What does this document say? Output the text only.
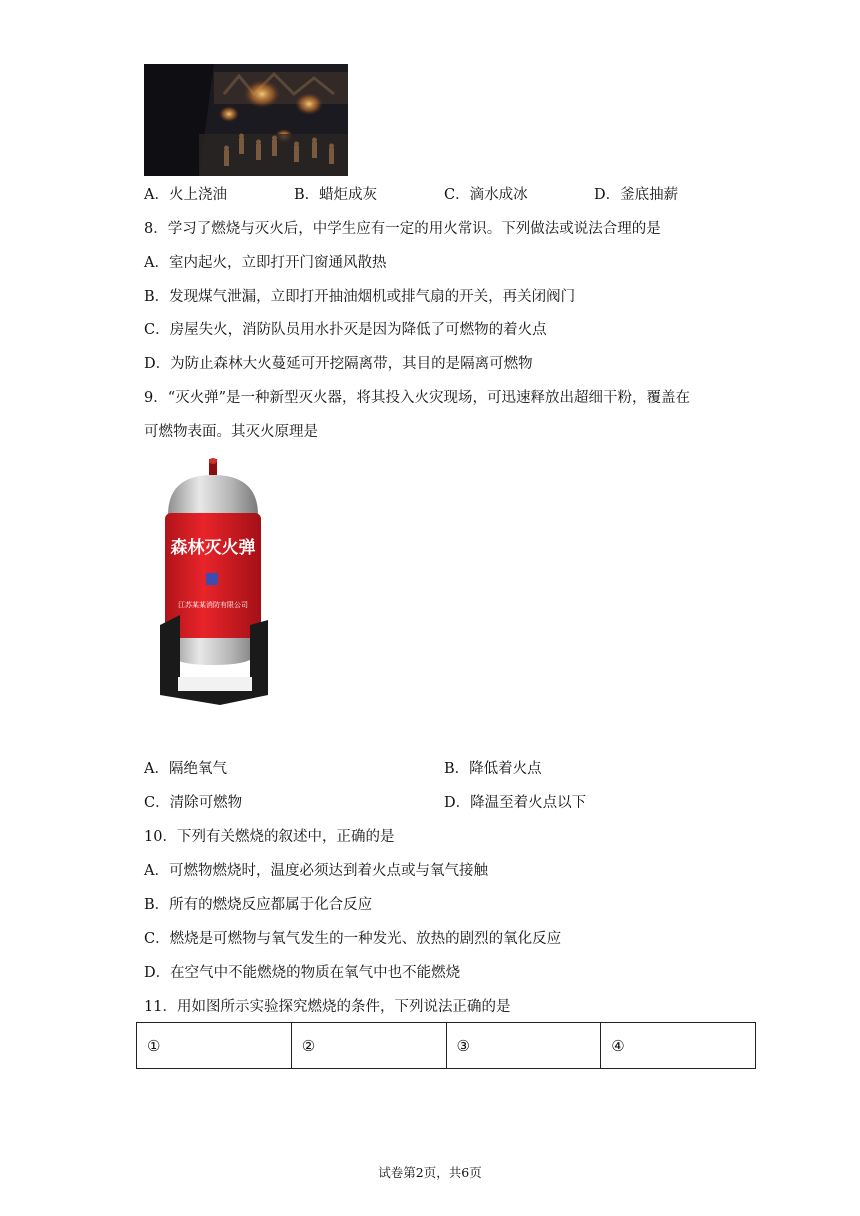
A．火上浇油	B．蜡炬成灰	C．滴水成冰	D．釜底抽薪
8．学习了燃烧与灭火后，中学生应有一定的用火常识。下列做法或说法合理的是
A．室内起火，立即打开门窗通风散热
B．发现煤气泄漏，立即打开抽油烟机或排气扇的开关，再关闭阀门
C．房屋失火，消防队员用水扑灭是因为降低了可燃物的着火点
D．为防止森林大火蔓延可开挖隔离带，其目的是隔离可燃物
9．“灭火弹”是一种新型灭火器，将其投入火灾现场，可迅速释放出超细干粉，覆盖在
可燃物表面。其灭火原理是
森林灭火弹
江苏某某消防有限公司
A．隔绝氧气	B．降低着火点
C．清除可燃物	D．降温至着火点以下
10．下列有关燃烧的叙述中，正确的是
A．可燃物燃烧时，温度必须达到着火点或与氧气接触
B．所有的燃烧反应都属于化合反应
C．燃烧是可燃物与氧气发生的一种发光、放热的剧烈的氧化反应
D．在空气中不能燃烧的物质在氧气中也不能燃烧
11．用如图所示实验探究燃烧的条件，下列说法正确的是
①	②	③	④
试卷第2页，共6页
